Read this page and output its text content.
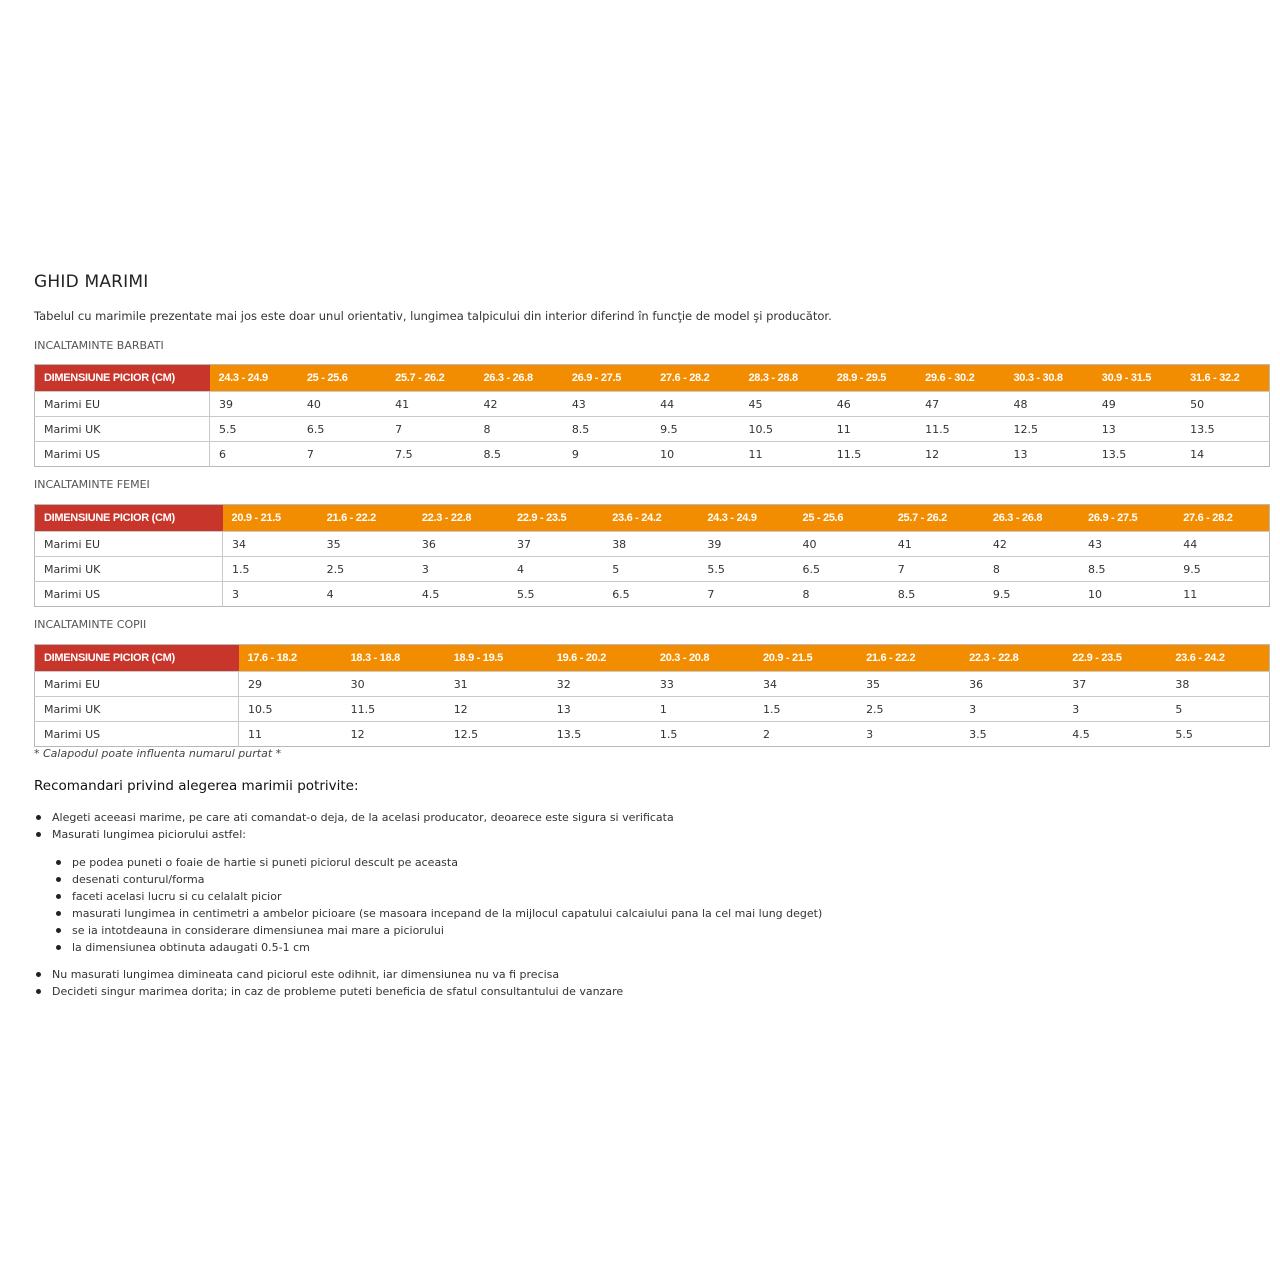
GHID MARIMI
Tabelul cu marimile prezentate mai jos este doar unul orientativ, lungimea talpicului din interior diferind în funcţie de model şi producător.
INCALTAMINTE BARBATI
DIMENSIUNE PICIOR (CM)	24.3 - 24.9	25 - 25.6	25.7 - 26.2	26.3 - 26.8	26.9 - 27.5	27.6 - 28.2	28.3 - 28.8	28.9 - 29.5	29.6 - 30.2	30.3 - 30.8	30.9 - 31.5	31.6 - 32.2
Marimi EU	39	40	41	42	43	44	45	46	47	48	49	50
Marimi UK	5.5	6.5	7	8	8.5	9.5	10.5	11	11.5	12.5	13	13.5
Marimi US	6	7	7.5	8.5	9	10	11	11.5	12	13	13.5	14
INCALTAMINTE FEMEI
DIMENSIUNE PICIOR (CM)	20.9 - 21.5	21.6 - 22.2	22.3 - 22.8	22.9 - 23.5	23.6 - 24.2	24.3 - 24.9	25 - 25.6	25.7 - 26.2	26.3 - 26.8	26.9 - 27.5	27.6 - 28.2
Marimi EU	34	35	36	37	38	39	40	41	42	43	44
Marimi UK	1.5	2.5	3	4	5	5.5	6.5	7	8	8.5	9.5
Marimi US	3	4	4.5	5.5	6.5	7	8	8.5	9.5	10	11
INCALTAMINTE COPII
DIMENSIUNE PICIOR (CM)	17.6 - 18.2	18.3 - 18.8	18.9 - 19.5	19.6 - 20.2	20.3 - 20.8	20.9 - 21.5	21.6 - 22.2	22.3 - 22.8	22.9 - 23.5	23.6 - 24.2
Marimi EU	29	30	31	32	33	34	35	36	37	38
Marimi UK	10.5	11.5	12	13	1	1.5	2.5	3	3	5
Marimi US	11	12	12.5	13.5	1.5	2	3	3.5	4.5	5.5
* Calapodul poate influenta numarul purtat *
Recomandari privind alegerea marimii potrivite:
Alegeti aceeasi marime, pe care ati comandat-o deja, de la acelasi producator, deoarece este sigura si verificata
Masurati lungimea piciorului astfel:
pe podea puneti o foaie de hartie si puneti piciorul descult pe aceasta
desenati conturul/forma
faceti acelasi lucru si cu celalalt picior
masurati lungimea in centimetri a ambelor picioare (se masoara incepand de la mijlocul capatului calcaiului pana la cel mai lung deget)
se ia intotdeauna in considerare dimensiunea mai mare a piciorului
la dimensiunea obtinuta adaugati 0.5-1 cm
Nu masurati lungimea dimineata cand piciorul este odihnit, iar dimensiunea nu va fi precisa
Decideti singur marimea dorita; in caz de probleme puteti beneficia de sfatul consultantului de vanzare
